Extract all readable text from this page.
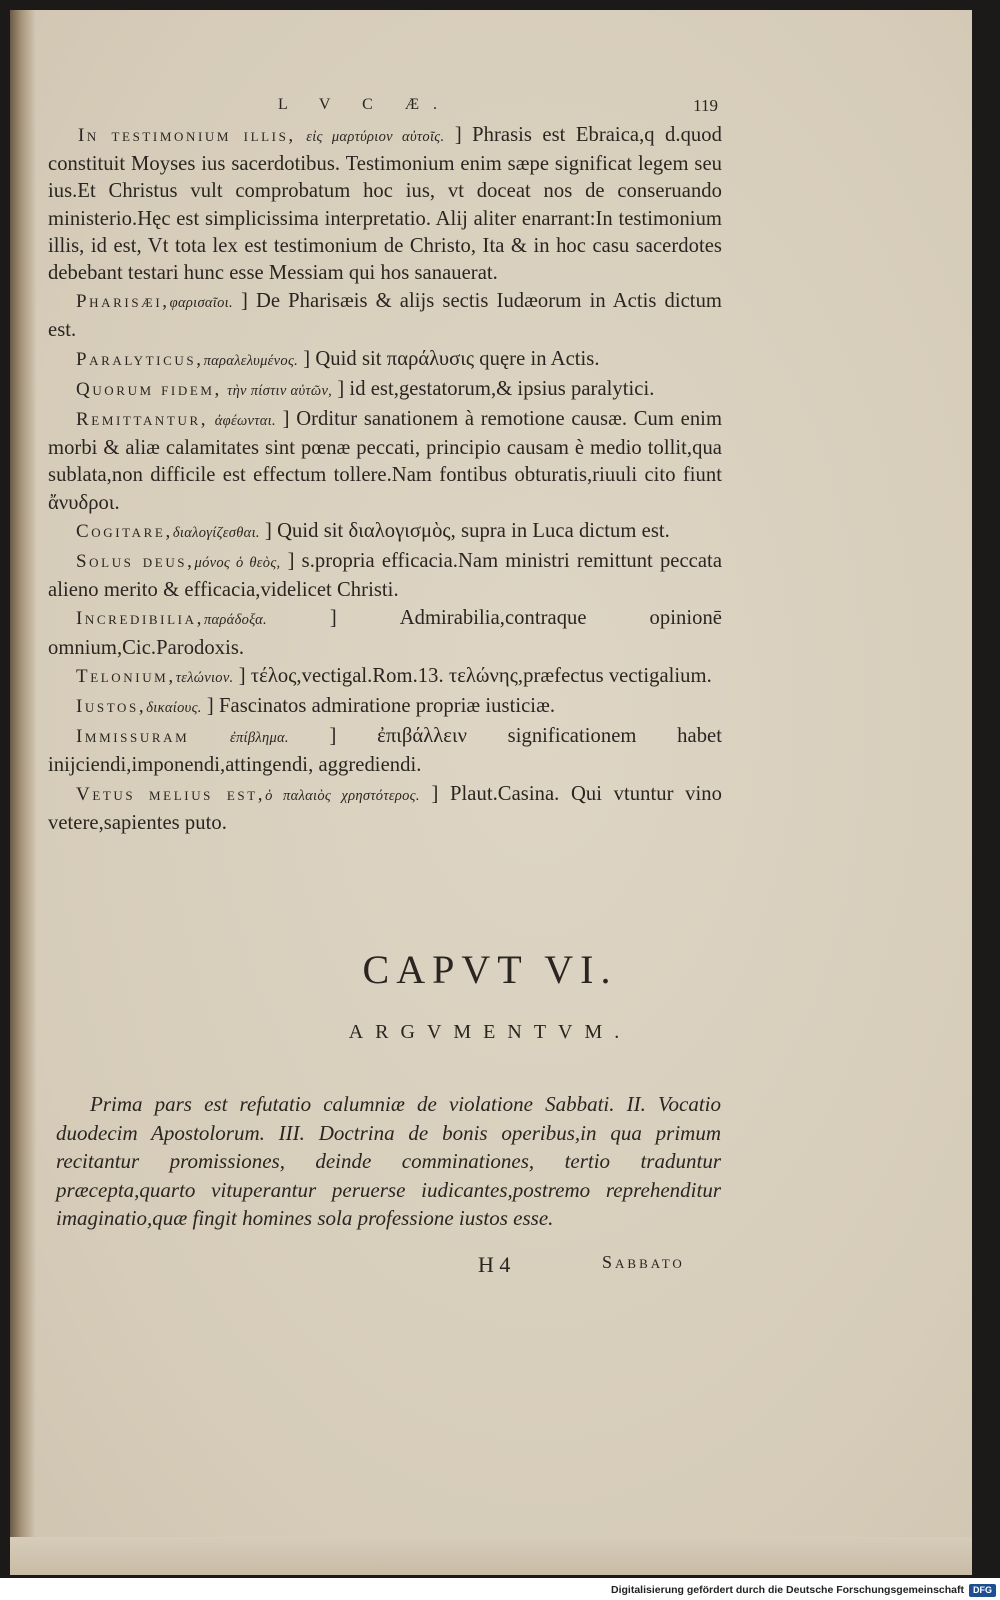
L V C Æ.	119

In testimonium illis, εἰς μαρτύριον αὐτοῖς. ] Phrasis est Ebraica,q d.quod constituit Moyses ius sacerdotibus. Testimonium enim sæpe significat legem seu ius.Et Christus vult comprobatum hoc ius, vt doceat nos de conseruando ministerio.Hęc est simplicissima interpretatio. Alij aliter enarrant:In testimonium illis, id est, Vt tota lex est testimonium de Christo, Ita & in hoc casu sacerdotes debebant testari hunc esse Messiam qui hos sanauerat.

Pharisæi,φαρισαῖοι. ] De Pharisæis & alijs sectis Iudæorum in Actis dictum est.

Paralyticus,παραλελυμένος. ] Quid sit παράλυσις quęre in Actis.

Quorum fidem, τὴν πίστιν αὐτῶν, ] id est,gestatorum,& ipsius paralytici.

Remittantur, ἀφέωνται. ] Orditur sanationem à remotione causæ. Cum enim morbi & aliæ calamitates sint pœnæ peccati, principio causam è medio tollit,qua sublata,non difficile est effectum tollere.Nam fontibus obturatis,riuuli cito fiunt ἄνυδροι.

Cogitare,διαλογίζεσθαι. ] Quid sit διαλογισμὸς, supra in Luca dictum est.

Solus deus,μόνος ὁ θεὸς, ] s.propria efficacia.Nam ministri remittunt peccata alieno merito & efficacia,videlicet Christi.

Incredibilia,παράδοξα.	] Admirabilia,contraque opinionē omnium,Cic.Parodoxis.

Telonium,τελώνιον. ] τέλος,vectigal.Rom.13. τελώνης,præfectus vectigalium.

Iustos,δικαίους. ] Fascinatos admiratione propriæ iusticiæ.

Immissuram	ἐπίβλημα. ] ἐπιβάλλειν significationem habet inijciendi,imponendi,attingendi, aggrediendi.

Vetus melius est,ὁ παλαιὸς χρηστότερος. ] Plaut.Casina. Qui vtuntur vino vetere,sapientes puto.

CAPVT VI.
ARGVMENTVM.

Prima pars est refutatio calumniæ de violatione Sabbati. II. Vocatio duodecim Apostolorum. III. Doctrina de bonis operibus,in qua primum recitantur promissiones, deinde comminationes, tertio traduntur præcepta,quarto vituperantur peruerse iudicantes,postremo reprehenditur imaginatio,quæ fingit homines sola professione iustos esse.

H 4	Sabbato
Digitalisierung gefördert durch die Deutsche Forschungsgemeinschaft	DFG
